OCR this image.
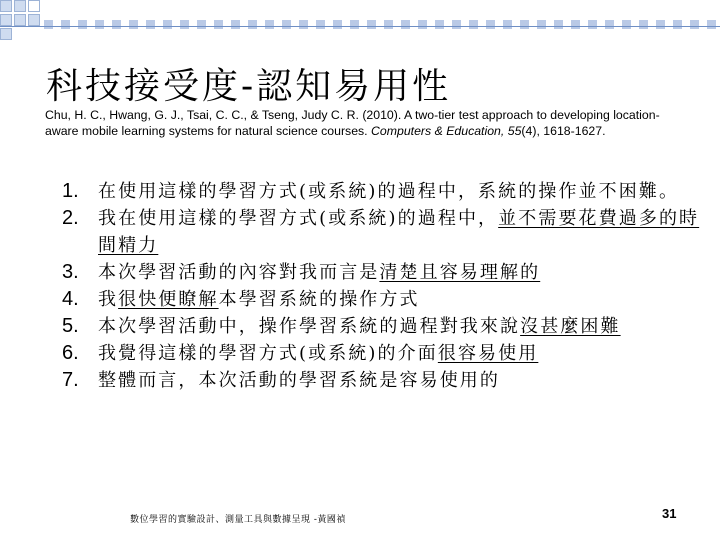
科技接受度-認知易用性
Chu, H. C., Hwang, G. J., Tsai, C. C., & Tseng, Judy C. R. (2010). A two-tier test approach to developing location-aware mobile learning systems for natural science courses. Computers & Education, 55(4), 1618-1627.
1. 在使用這樣的學習方式(或系統)的過程中，系統的操作並不困難。
2. 我在使用這樣的學習方式(或系統)的過程中，並不需要花費過多的時間精力
3. 本次學習活動的內容對我而言是清楚且容易理解的
4. 我很快便瞭解本學習系統的操作方式
5. 本次學習活動中，操作學習系統的過程對我來說沒甚麼困難
6. 我覺得這樣的學習方式(或系統)的介面很容易使用
7. 整體而言，本次活動的學習系統是容易使用的
數位學習的實驗設計、測量工具與數據呈現 -黃國禎	31
